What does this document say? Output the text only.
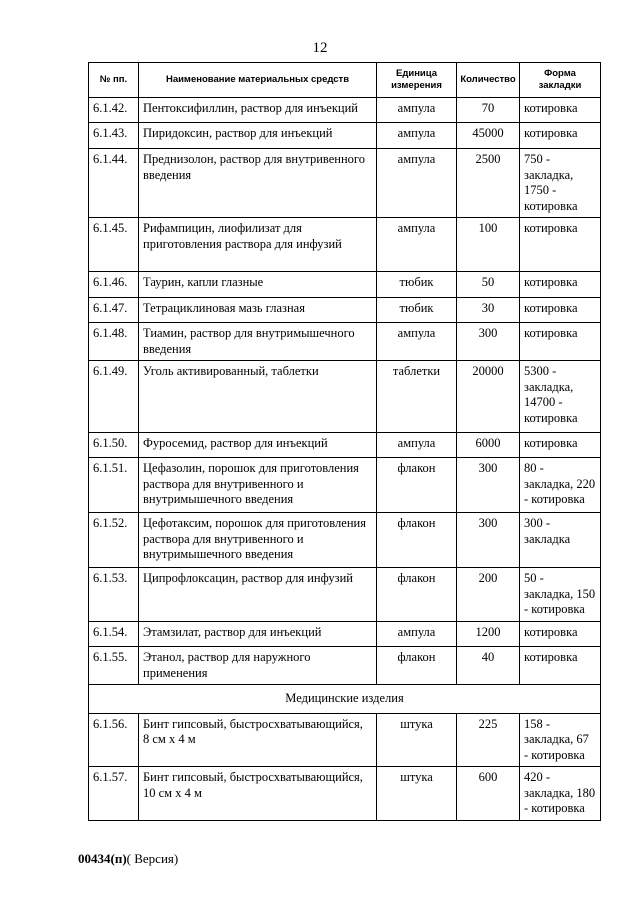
12
№ пп.	Наименование материальных средств	Единица измерения	Количество	Форма закладки
6.1.42.	Пентоксифиллин, раствор для инъекций	ампула	70	котировка
6.1.43.	Пиридоксин, раствор для инъекций	ампула	45000	котировка
6.1.44.	Преднизолон, раствор для внутривенного введения	ампула	2500	750 - закладка, 1750 - котировка
6.1.45.	Рифампицин, лиофилизат для приготовления раствора для инфузий	ампула	100	котировка
6.1.46.	Таурин, капли глазные	тюбик	50	котировка
6.1.47.	Тетрациклиновая мазь глазная	тюбик	30	котировка
6.1.48.	Тиамин, раствор для внутримышечного введения	ампула	300	котировка
6.1.49.	Уголь активированный, таблетки	таблетки	20000	5300 - закладка, 14700 - котировка
6.1.50.	Фуросемид, раствор для инъекций	ампула	6000	котировка
6.1.51.	Цефазолин, порошок для приготовления раствора для внутривенного и внутримышечного введения	флакон	300	80 - закладка, 220 - котировка
6.1.52.	Цефотаксим, порошок для приготовления раствора для внутривенного и внутримышечного введения	флакон	300	300 - закладка
6.1.53.	Ципрофлоксацин, раствор для инфузий	флакон	200	50 - закладка, 150 - котировка
6.1.54.	Этамзилат, раствор для инъекций	ампула	1200	котировка
6.1.55.	Этанол, раствор для наружного применения	флакон	40	котировка
Медицинские изделия				
6.1.56.	Бинт гипсовый, быстросхватывающийся, 8 см х 4 м	штука	225	158 - закладка, 67 - котировка
6.1.57.	Бинт гипсовый, быстросхватывающийся, 10 см х 4 м	штука	600	420 - закладка, 180 - котировка
00434(п)( Версия)
